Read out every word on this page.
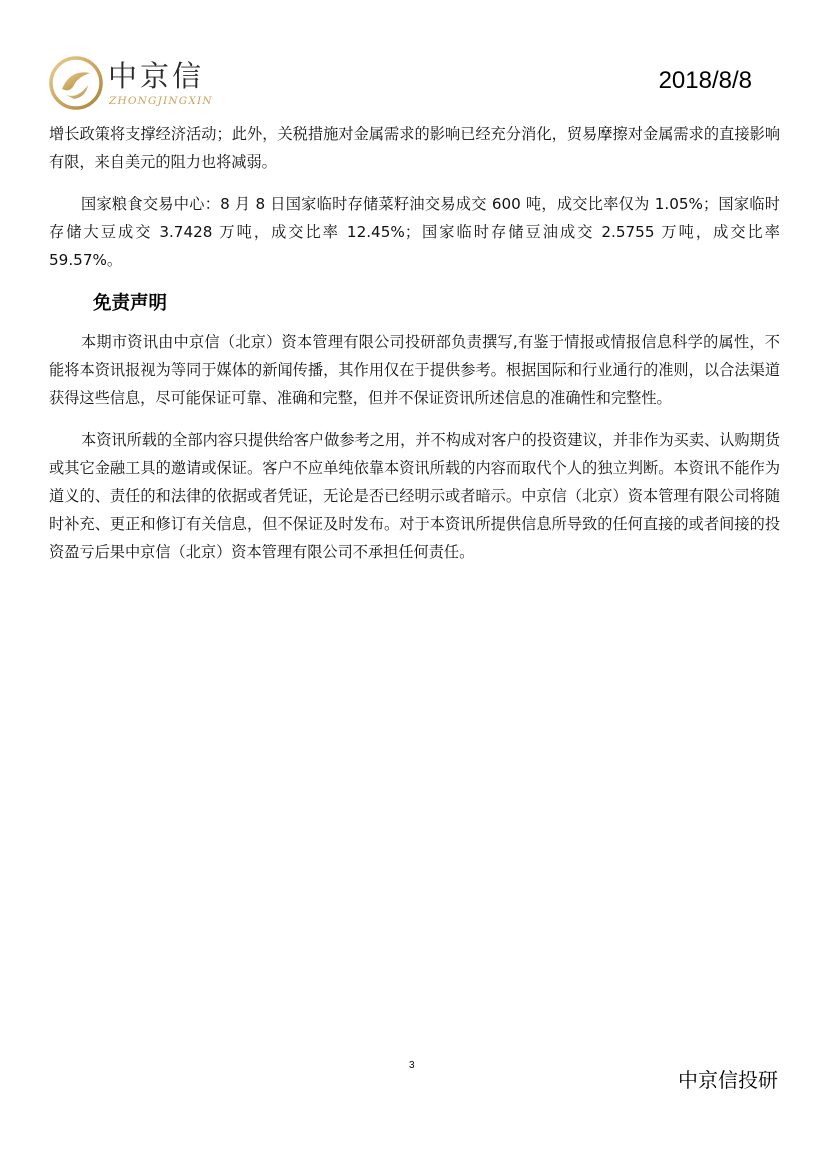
中京信
ZHONGJINGXIN
2018/8/8

增长政策将支撑经济活动；此外，关税措施对金属需求的影响已经充分消化，贸易摩擦对金属需求的直接影响有限，来自美元的阻力也将减弱。

国家粮食交易中心：8 月 8 日国家临时存储菜籽油交易成交 600 吨，成交比率仅为 1.05%；国家临时存储大豆成交 3.7428 万吨，成交比率 12.45%；国家临时存储豆油成交 2.5755 万吨，成交比率 59.57%。

免责声明

本期市资讯由中京信（北京）资本管理有限公司投研部负责撰写,有鉴于情报或情报信息科学的属性，不能将本资讯报视为等同于媒体的新闻传播，其作用仅在于提供参考。根据国际和行业通行的准则，以合法渠道获得这些信息，尽可能保证可靠、准确和完整，但并不保证资讯所述信息的准确性和完整性。

本资讯所载的全部内容只提供给客户做参考之用，并不构成对客户的投资建议，并非作为买卖、认购期货或其它金融工具的邀请或保证。客户不应单纯依靠本资讯所载的内容而取代个人的独立判断。本资讯不能作为道义的、责任的和法律的依据或者凭证，无论是否已经明示或者暗示。中京信（北京）资本管理有限公司将随时补充、更正和修订有关信息，但不保证及时发布。对于本资讯所提供信息所导致的任何直接的或者间接的投资盈亏后果中京信（北京）资本管理有限公司不承担任何责任。

3
中京信投研
